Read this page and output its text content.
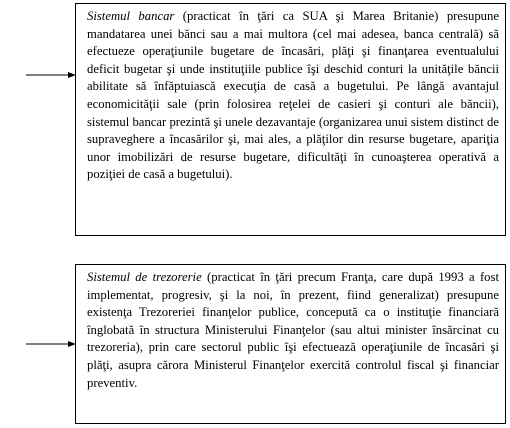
Sistemul bancar (practicat în ţări ca SUA şi Marea Britanie) presupune mandatarea unei bănci sau a mai multora (cel mai adesea, banca centrală) să efectueze operaţiunile bugetare de încasări, plăţi şi finanţarea eventualului deficit bugetar şi unde instituţiile publice îşi deschid conturi la unităţile băncii abilitate să înfăptuiască execuţia de casă a bugetului. Pe lângă avantajul economicităţii sale (prin folosirea reţelei de casieri şi conturi ale băncii), sistemul bancar prezintă şi unele dezavantaje (organizarea unui sistem distinct de supraveghere a încasărilor şi, mai ales, a plăţilor din resurse bugetare, apariţia unor imobilizări de resurse bugetare, dificultăţi în cunoaşterea operativă a poziţiei de casă a bugetului).
Sistemul de trezorerie (practicat în ţări precum Franţa, care după 1993 a fost implementat, progresiv, şi la noi, în prezent, fiind generalizat) presupune existenţa Trezoreriei finanţelor publice, concepută ca o instituţie financiară înglobată în structura Ministerului Finanţelor (sau altui minister însărcinat cu trezoreria), prin care sectorul public îşi efectuează operaţiunile de încasări şi plăţi, asupra cărora Ministerul Finanţelor exercită controlul fiscal şi financiar preventiv.
